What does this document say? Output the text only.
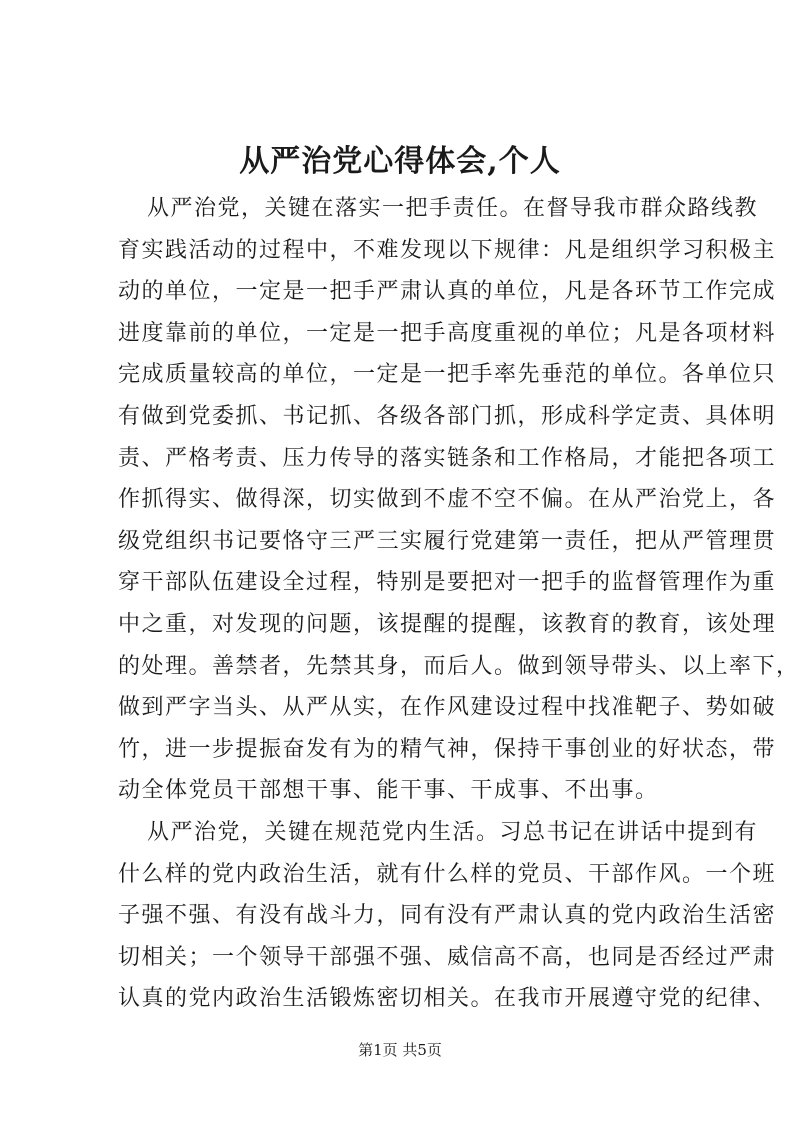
从严治党心得体会,个人
从严治党，关键在落实一把手责任。在督导我市群众路线教
育实践活动的过程中，不难发现以下规律：凡是组织学习积极主
动的单位，一定是一把手严肃认真的单位，凡是各环节工作完成
进度靠前的单位，一定是一把手高度重视的单位；凡是各项材料
完成质量较高的单位，一定是一把手率先垂范的单位。各单位只
有做到党委抓、书记抓、各级各部门抓，形成科学定责、具体明
责、严格考责、压力传导的落实链条和工作格局，才能把各项工
作抓得实、做得深，切实做到不虚不空不偏。在从严治党上，各
级党组织书记要恪守三严三实履行党建第一责任，把从严管理贯
穿干部队伍建设全过程，特别是要把对一把手的监督管理作为重
中之重，对发现的问题，该提醒的提醒，该教育的教育，该处理
的处理。善禁者，先禁其身，而后人。做到领导带头、以上率下，
做到严字当头、从严从实，在作风建设过程中找准靶子、势如破
竹，进一步提振奋发有为的精气神，保持干事创业的好状态，带
动全体党员干部想干事、能干事、干成事、不出事。
从严治党，关键在规范党内生活。习总书记在讲话中提到有
什么样的党内政治生活，就有什么样的党员、干部作风。一个班
子强不强、有没有战斗力，同有没有严肃认真的党内政治生活密
切相关；一个领导干部强不强、威信高不高，也同是否经过严肃
认真的党内政治生活锻炼密切相关。在我市开展遵守党的纪律、
第1页 共5页
